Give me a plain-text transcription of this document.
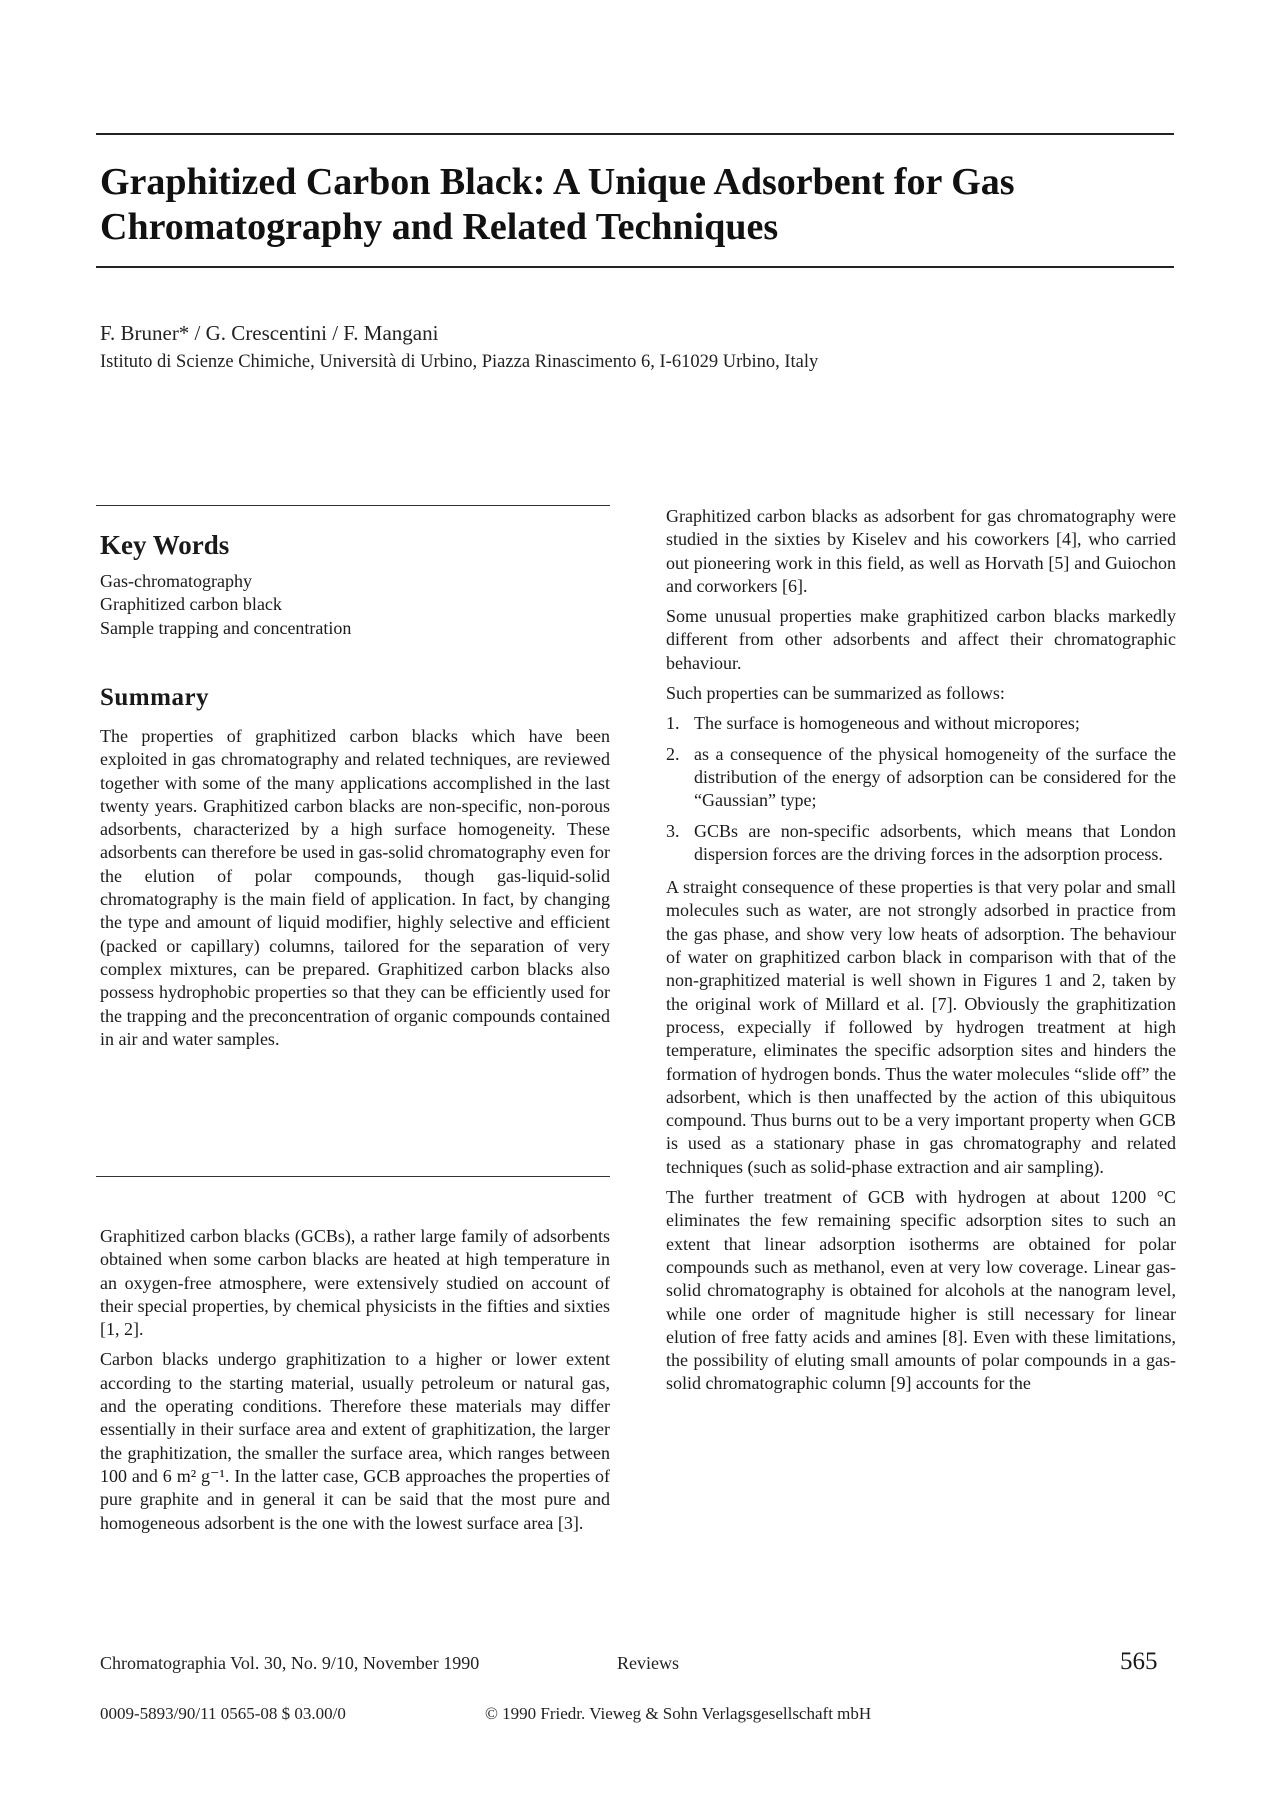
Graphitized Carbon Black: A Unique Adsorbent for Gas Chromatography and Related Techniques
F. Bruner* / G. Crescentini / F. Mangani
Istituto di Scienze Chimiche, Università di Urbino, Piazza Rinascimento 6, I-61029 Urbino, Italy
Key Words
Gas-chromatography
Graphitized carbon black
Sample trapping and concentration
Summary

The properties of graphitized carbon blacks which have been exploited in gas chromatography and related techniques, are reviewed together with some of the many applications accomplished in the last twenty years. Graphitized carbon blacks are non-specific, non-porous adsorbents, characterized by a high surface homogeneity. These adsorbents can therefore be used in gas-solid chromatography even for the elution of polar compounds, though gas-liquid-solid chromatography is the main field of application. In fact, by changing the type and amount of liquid modifier, highly selective and efficient (packed or capillary) columns, tailored for the separation of very complex mixtures, can be prepared. Graphitized carbon blacks also possess hydrophobic properties so that they can be efficiently used for the trapping and the preconcentration of organic compounds contained in air and water samples.

Graphitized carbon blacks (GCBs), a rather large family of adsorbents obtained when some carbon blacks are heated at high temperature in an oxygen-free atmosphere, were extensively studied on account of their special properties, by chemical physicists in the fifties and sixties [1, 2].

Carbon blacks undergo graphitization to a higher or lower extent according to the starting material, usually petroleum or natural gas, and the operating conditions. Therefore these materials may differ essentially in their surface area and extent of graphitization, the larger the graphitization, the smaller the surface area, which ranges between 100 and 6 m² g⁻¹. In the latter case, GCB approaches the properties of pure graphite and in general it can be said that the most pure and homogeneous adsorbent is the one with the lowest surface area [3].

Graphitized carbon blacks as adsorbent for gas chromatography were studied in the sixties by Kiselev and his coworkers [4], who carried out pioneering work in this field, as well as Horvath [5] and Guiochon and corworkers [6].

Some unusual properties make graphitized carbon blacks markedly different from other adsorbents and affect their chromatographic behaviour.

Such properties can be summarized as follows:

1. The surface is homogeneous and without micropores;
2. as a consequence of the physical homogeneity of the surface the distribution of the energy of adsorption can be considered for the “Gaussian” type;
3. GCBs are non-specific adsorbents, which means that London dispersion forces are the driving forces in the adsorption process.

A straight consequence of these properties is that very polar and small molecules such as water, are not strongly adsorbed in practice from the gas phase, and show very low heats of adsorption. The behaviour of water on graphitized carbon black in comparison with that of the non-graphitized material is well shown in Figures 1 and 2, taken by the original work of Millard et al. [7]. Obviously the graphitization process, expecially if followed by hydrogen treatment at high temperature, eliminates the specific adsorption sites and hinders the formation of hydrogen bonds. Thus the water molecules “slide off” the adsorbent, which is then unaffected by the action of this ubiquitous compound. Thus burns out to be a very important property when GCB is used as a stationary phase in gas chromatography and related techniques (such as solid-phase extraction and air sampling).

The further treatment of GCB with hydrogen at about 1200 °C eliminates the few remaining specific adsorption sites to such an extent that linear adsorption isotherms are obtained for polar compounds such as methanol, even at very low coverage. Linear gas-solid chromatography is obtained for alcohols at the nanogram level, while one order of magnitude higher is still necessary for linear elution of free fatty acids and amines [8]. Even with these limitations, the possibility of eluting small amounts of polar compounds in a gas-solid chromatographic column [9] accounts for the

Chromatographia Vol. 30, No. 9/10, November 1990	Reviews	565
0009-5893/90/11 0565-08 $ 03.00/0	© 1990 Friedr. Vieweg & Sohn Verlagsgesellschaft mbH
